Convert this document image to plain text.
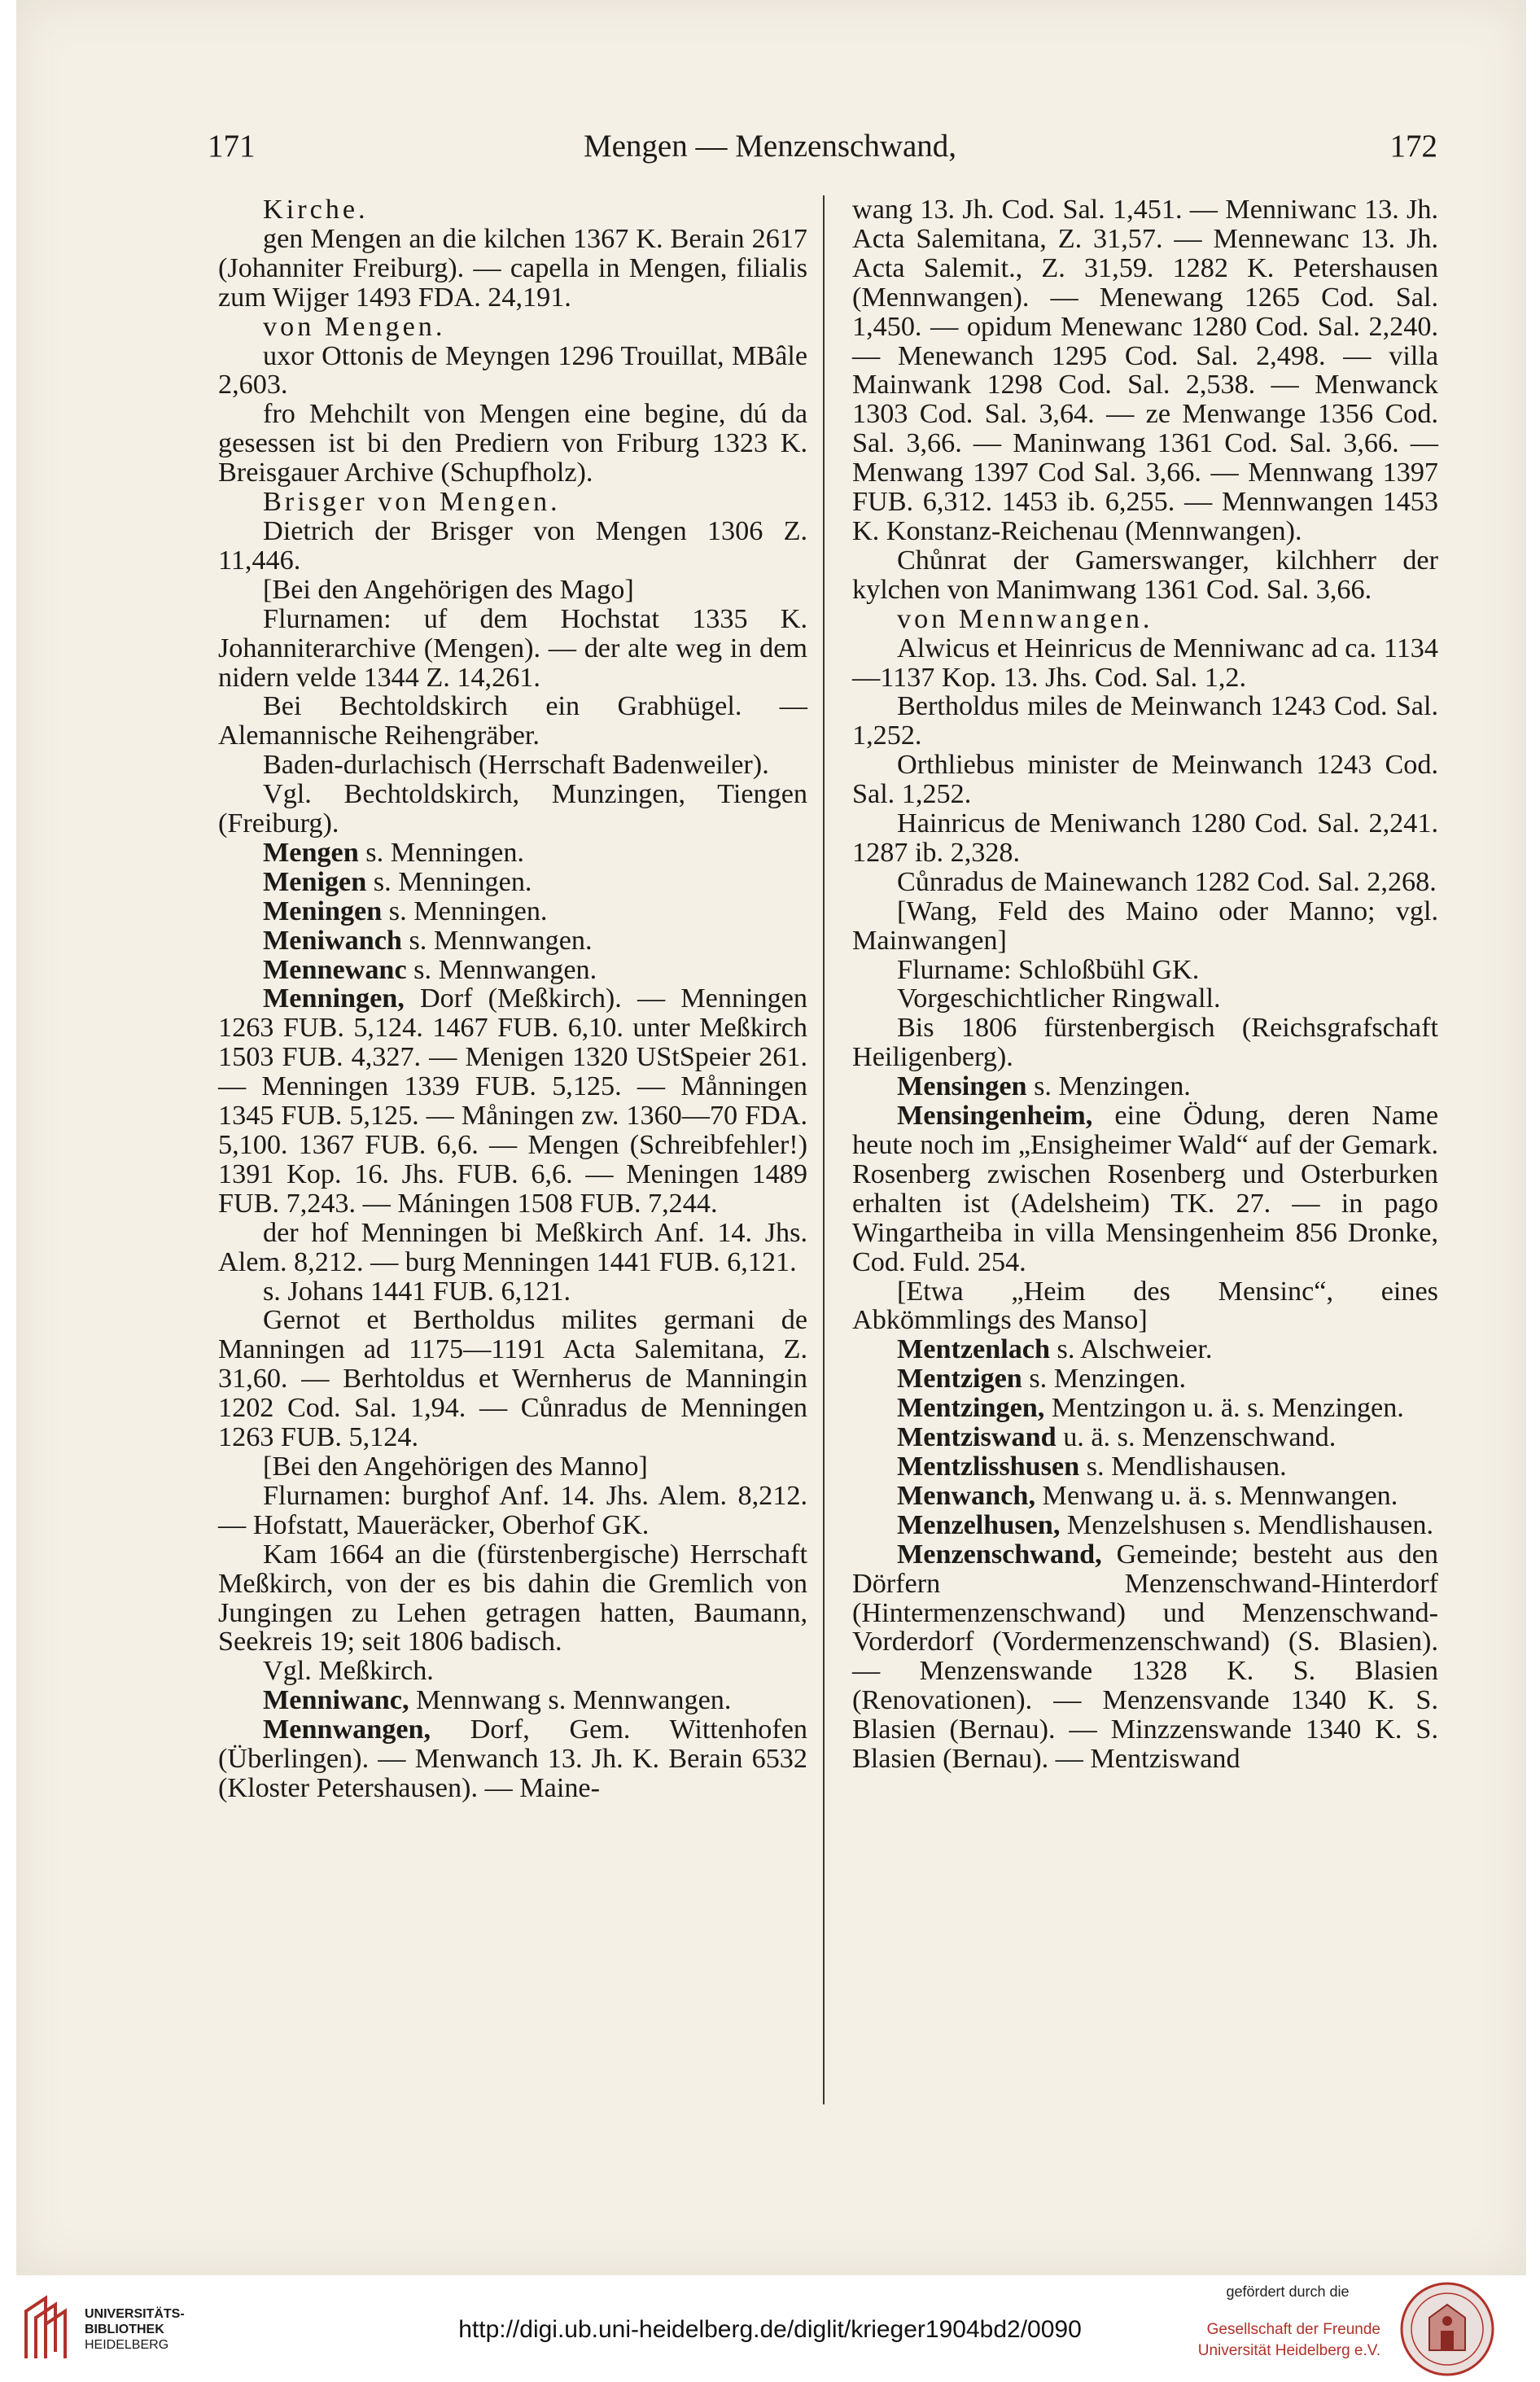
171	Mengen — Menzenschwand,	172

Kirche.

gen Mengen an die kilchen 1367 K. Berain 2617 (Johanniter Freiburg). — capella in Mengen, filialis zum Wijger 1493 FDA. 24,191.

von Mengen.

uxor Ottonis de Meyngen 1296 Trouillat, MBâle 2,603.

fro Mehchilt von Mengen eine begine, dú da gesessen ist bi den Prediern von Friburg 1323 K. Breisgauer Archive (Schupfholz).

Brisger von Mengen.

Dietrich der Brisger von Mengen 1306 Z. 11,446.

[Bei den Angehörigen des Mago]

Flurnamen: uf dem Hochstat 1335 K. Johanniterarchive (Mengen). — der alte weg in dem nidern velde 1344 Z. 14,261.

Bei Bechtoldskirch ein Grabhügel. — Alemannische Reihengräber.

Baden-durlachisch (Herrschaft Badenweiler).

Vgl. Bechtoldskirch, Munzingen, Tiengen (Freiburg).

Mengen s. Menningen.

Menigen s. Menningen.

Meningen s. Menningen.

Meniwanch s. Mennwangen.

Mennewanc s. Mennwangen.

Menningen, Dorf (Meßkirch). — Menningen 1263 FUB. 5,124. 1467 FUB. 6,10. unter Meßkirch 1503 FUB. 4,327. — Menigen 1320 UStSpeier 261. — Menningen 1339 FUB. 5,125. — Månningen 1345 FUB. 5,125. — Måningen zw. 1360—70 FDA. 5,100. 1367 FUB. 6,6. — Mengen (Schreibfehler!) 1391 Kop. 16. Jhs. FUB. 6,6. — Meningen 1489 FUB. 7,243. — Máningen 1508 FUB. 7,244.

der hof Menningen bi Meßkirch Anf. 14. Jhs. Alem. 8,212. — burg Menningen 1441 FUB. 6,121.

s. Johans 1441 FUB. 6,121.

Gernot et Bertholdus milites germani de Manningen ad 1175—1191 Acta Salemitana, Z. 31,60. — Berhtoldus et Wernherus de Manningin 1202 Cod. Sal. 1,94. — Cůnradus de Menningen 1263 FUB. 5,124.

[Bei den Angehörigen des Manno]

Flurnamen: burghof Anf. 14. Jhs. Alem. 8,212. — Hofstatt, Maueräcker, Oberhof GK.

Kam 1664 an die (fürstenbergische) Herrschaft Meßkirch, von der es bis dahin die Gremlich von Jungingen zu Lehen getragen hatten, Baumann, Seekreis 19; seit 1806 badisch.

Vgl. Meßkirch.

Menniwanc, Mennwang s. Mennwangen.

Mennwangen, Dorf, Gem. Wittenhofen (Überlingen). — Menwanch 13. Jh. K. Berain 6532 (Kloster Petershausen). — Maine-

wang 13. Jh. Cod. Sal. 1,451. — Menniwanc 13. Jh. Acta Salemitana, Z. 31,57. — Mennewanc 13. Jh. Acta Salemit., Z. 31,59. 1282 K. Petershausen (Mennwangen). — Menewang 1265 Cod. Sal. 1,450. — opidum Menewanc 1280 Cod. Sal. 2,240. — Menewanch 1295 Cod. Sal. 2,498. — villa Mainwank 1298 Cod. Sal. 2,538. — Menwanck 1303 Cod. Sal. 3,64. — ze Menwange 1356 Cod. Sal. 3,66. — Maninwang 1361 Cod. Sal. 3,66. — Menwang 1397 Cod Sal. 3,66. — Mennwang 1397 FUB. 6,312. 1453 ib. 6,255. — Mennwangen 1453 K. Konstanz-Reichenau (Mennwangen).

Chůnrat der Gamerswanger, kilchherr der kylchen von Manimwang 1361 Cod. Sal. 3,66.

von Mennwangen.

Alwicus et Heinricus de Menniwanc ad ca. 1134—1137 Kop. 13. Jhs. Cod. Sal. 1,2.

Bertholdus miles de Meinwanch 1243 Cod. Sal. 1,252.

Orthliebus minister de Meinwanch 1243 Cod. Sal. 1,252.

Hainricus de Meniwanch 1280 Cod. Sal. 2,241. 1287 ib. 2,328.

Cůnradus de Mainewanch 1282 Cod. Sal. 2,268.

[Wang, Feld des Maino oder Manno; vgl. Mainwangen]

Flurname: Schloßbühl GK.

Vorgeschichtlicher Ringwall.

Bis 1806 fürstenbergisch (Reichsgrafschaft Heiligenberg).

Mensingen s. Menzingen.

Mensingenheim, eine Ödung, deren Name heute noch im „Ensigheimer Wald“ auf der Gemark. Rosenberg zwischen Rosenberg und Osterburken erhalten ist (Adelsheim) TK. 27. — in pago Wingartheiba in villa Mensingenheim 856 Dronke, Cod. Fuld. 254.

[Etwa „Heim des Mensinc“, eines Abkömmlings des Manso]

Mentzenlach s. Alschweier.

Mentzigen s. Menzingen.

Mentzingen, Mentzingon u. ä. s. Menzingen.

Mentziswand u. ä. s. Menzenschwand.

Mentzlisshusen s. Mendlishausen.

Menwanch, Menwang u. ä. s. Mennwangen.

Menzelhusen, Menzelshusen s. Mendlishausen.

Menzenschwand, Gemeinde; besteht aus den Dörfern Menzenschwand-Hinterdorf (Hintermenzenschwand) und Menzenschwand-Vorderdorf (Vordermenzenschwand) (S. Blasien). — Menzenswande 1328 K. S. Blasien (Renovationen). — Menzensvande 1340 K. S. Blasien (Bernau). — Minzzenswande 1340 K. S. Blasien (Bernau). — Mentziswand

UNIVERSITÄTS-
BIBLIOTHEK
HEIDELBERG
http://digi.ub.uni-heidelberg.de/diglit/krieger1904bd2/0090
gefördert durch die
Gesellschaft der Freunde
Universität Heidelberg e.V.
